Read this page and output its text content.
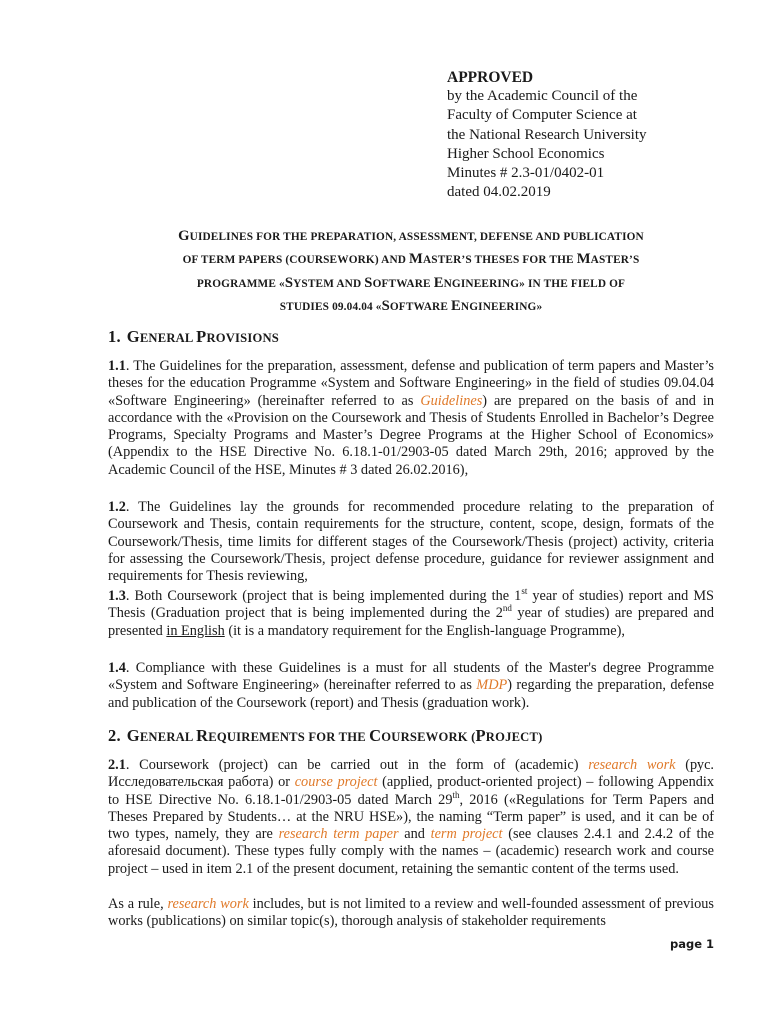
APPROVED
by the Academic Council of the
Faculty of Computer Science at
the National Research University
Higher School Economics
Minutes # 2.3-01/0402-01
dated 04.02.2019
GUIDELINES FOR THE PREPARATION, ASSESSMENT, DEFENSE AND PUBLICATION
OF TERM PAPERS (COURSEWORK) AND MASTER’S THESES FOR THE MASTER’S
PROGRAMME «SYSTEM AND SOFTWARE ENGINEERING» IN THE FIELD OF
STUDIES 09.04.04 «SOFTWARE ENGINEERING»
1. GENERAL PROVISIONS
1.1. The Guidelines for the preparation, assessment, defense and publication of term papers and Master’s theses for the education Programme «System and Software Engineering» in the field of studies 09.04.04 «Software Engineering» (hereinafter referred to as Guidelines) are prepared on the basis of and in accordance with the «Provision on the Coursework and Thesis of Students Enrolled in Bachelor’s Degree Programs, Specialty Programs and Master’s Degree Programs at the Higher School of Economics» (Appendix to the HSE Directive No. 6.18.1-01/2903-05 dated March 29th, 2016; approved by the Academic Council of the HSE, Minutes # 3 dated 26.02.2016),
1.2. The Guidelines lay the grounds for recommended procedure relating to the preparation of Coursework and Thesis, contain requirements for the structure, content, scope, design, formats of the Coursework/Thesis, time limits for different stages of the Coursework/Thesis (project) activity, criteria for assessing the Coursework/Thesis, project defense procedure, guidance for reviewer assignment and requirements for Thesis reviewing,
1.3. Both Coursework (project that is being implemented during the 1st year of studies) report and MS Thesis (Graduation project that is being implemented during the 2nd year of studies) are prepared and presented in English (it is a mandatory requirement for the English-language Programme),
1.4. Compliance with these Guidelines is a must for all students of the Master's degree Programme «System and Software Engineering» (hereinafter referred to as MDP) regarding the preparation, defense and publication of the Coursework (report) and Thesis (graduation work).
2. GENERAL REQUIREMENTS FOR THE COURSEWORK (PROJECT)
2.1. Coursework (project) can be carried out in the form of (academic) research work (рус. Исследовательская работа) or course project (applied, product-oriented project) – following Appendix to HSE Directive No. 6.18.1-01/2903-05 dated March 29th, 2016 («Regulations for Term Papers and Theses Prepared by Students… at the NRU HSE»), the naming “Term paper” is used, and it can be of two types, namely, they are research term paper and term project (see clauses 2.4.1 and 2.4.2 of the aforesaid document). These types fully comply with the names – (academic) research work and course project – used in item 2.1 of the present document, retaining the semantic content of the terms used.
As a rule, research work includes, but is not limited to a review and well-founded assessment of previous works (publications) on similar topic(s), thorough analysis of stakeholder requirements
page 1
